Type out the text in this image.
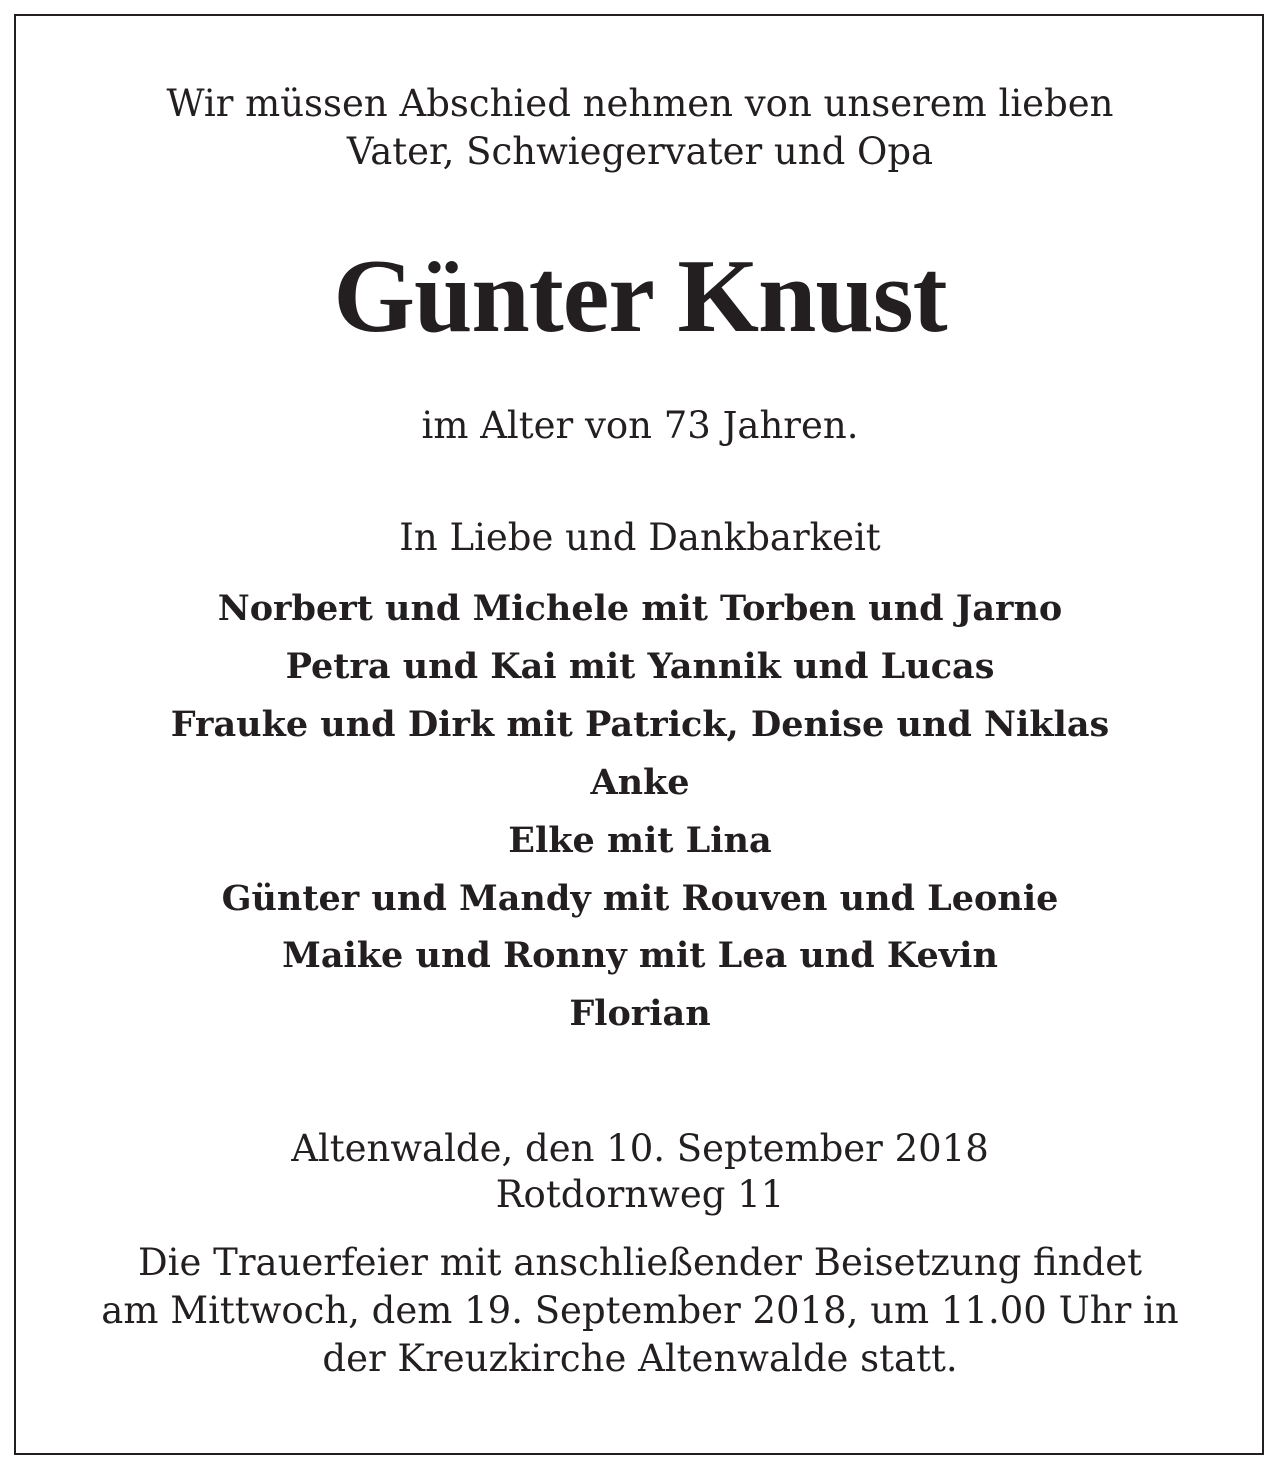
Wir müssen Abschied nehmen von unserem lieben
Vater, Schwiegervater und Opa
Günter Knust
im Alter von 73 Jahren.
In Liebe und Dankbarkeit
Norbert und Michele mit Torben und Jarno
Petra und Kai mit Yannik und Lucas
Frauke und Dirk mit Patrick, Denise und Niklas
Anke
Elke mit Lina
Günter und Mandy mit Rouven und Leonie
Maike und Ronny mit Lea und Kevin
Florian
Altenwalde, den 10. September 2018
Rotdornweg 11
Die Trauerfeier mit anschließender Beisetzung findet
am Mittwoch, dem 19. September 2018, um 11.00 Uhr in
der Kreuzkirche Altenwalde statt.
